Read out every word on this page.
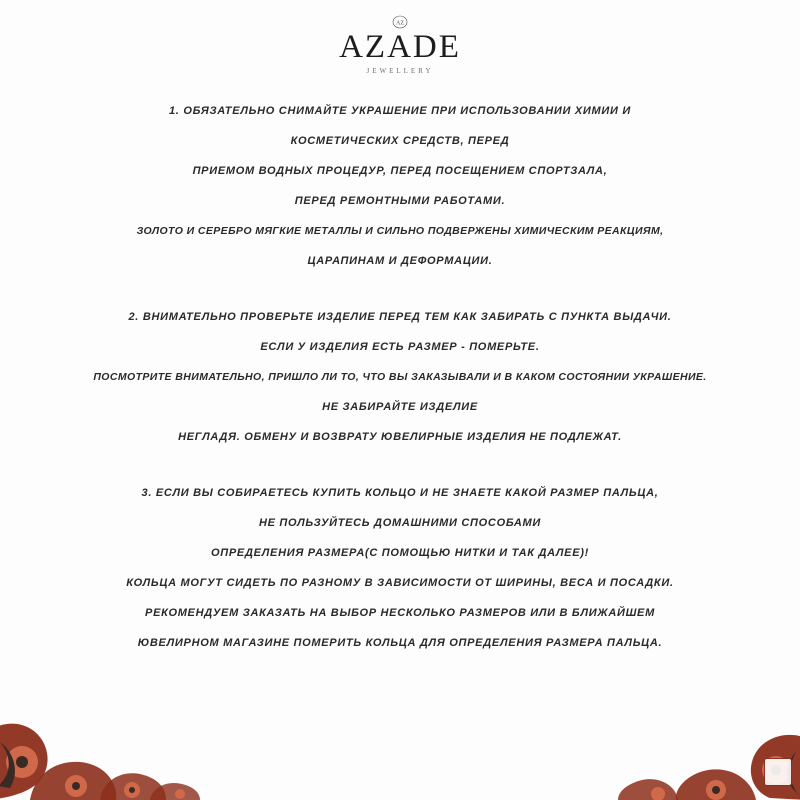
AZ
AZADE
JEWELLERY
1. ОБЯЗАТЕЛЬНО СНИМАЙТЕ УКРАШЕНИЕ ПРИ ИСПОЛЬЗОВАНИИ ХИМИИ И
КОСМЕТИЧЕСКИХ СРЕДСТВ, ПЕРЕД
ПРИЕМОМ ВОДНЫХ ПРОЦЕДУР, ПЕРЕД ПОСЕЩЕНИЕМ СПОРТЗАЛА,
ПЕРЕД РЕМОНТНЫМИ РАБОТАМИ.
ЗОЛОТО И СЕРЕБРО МЯГКИЕ МЕТАЛЛЫ И СИЛЬНО ПОДВЕРЖЕНЫ ХИМИЧЕСКИМ РЕАКЦИЯМ,
ЦАРАПИНАМ И ДЕФОРМАЦИИ.
2. ВНИМАТЕЛЬНО ПРОВЕРЬТЕ ИЗДЕЛИЕ ПЕРЕД ТЕМ КАК ЗАБИРАТЬ С ПУНКТА ВЫДАЧИ.
ЕСЛИ У ИЗДЕЛИЯ ЕСТЬ РАЗМЕР - ПОМЕРЬТЕ.
ПОСМОТРИТЕ ВНИМАТЕЛЬНО, ПРИШЛО ЛИ ТО, ЧТО ВЫ ЗАКАЗЫВАЛИ И В КАКОМ СОСТОЯНИИ УКРАШЕНИЕ.
НЕ ЗАБИРАЙТЕ ИЗДЕЛИЕ
НЕГЛАДЯ. ОБМЕНУ И ВОЗВРАТУ ЮВЕЛИРНЫЕ ИЗДЕЛИЯ НЕ ПОДЛЕЖАТ.
3. ЕСЛИ ВЫ СОБИРАЕТЕСЬ КУПИТЬ КОЛЬЦО И НЕ ЗНАЕТЕ КАКОЙ РАЗМЕР ПАЛЬЦА,
НЕ ПОЛЬЗУЙТЕСЬ ДОМАШНИМИ СПОСОБАМИ
ОПРЕДЕЛЕНИЯ РАЗМЕРА(С ПОМОЩЬЮ НИТКИ И ТАК ДАЛЕЕ)!
КОЛЬЦА МОГУТ СИДЕТЬ ПО РАЗНОМУ В ЗАВИСИМОСТИ ОТ ШИРИНЫ, ВЕСА И ПОСАДКИ.
РЕКОМЕНДУЕМ ЗАКАЗАТЬ НА ВЫБОР НЕСКОЛЬКО РАЗМЕРОВ ИЛИ В БЛИЖАЙШЕМ
ЮВЕЛИРНОМ МАГАЗИНЕ ПОМЕРИТЬ КОЛЬЦА ДЛЯ ОПРЕДЕЛЕНИЯ РАЗМЕРА ПАЛЬЦА.
